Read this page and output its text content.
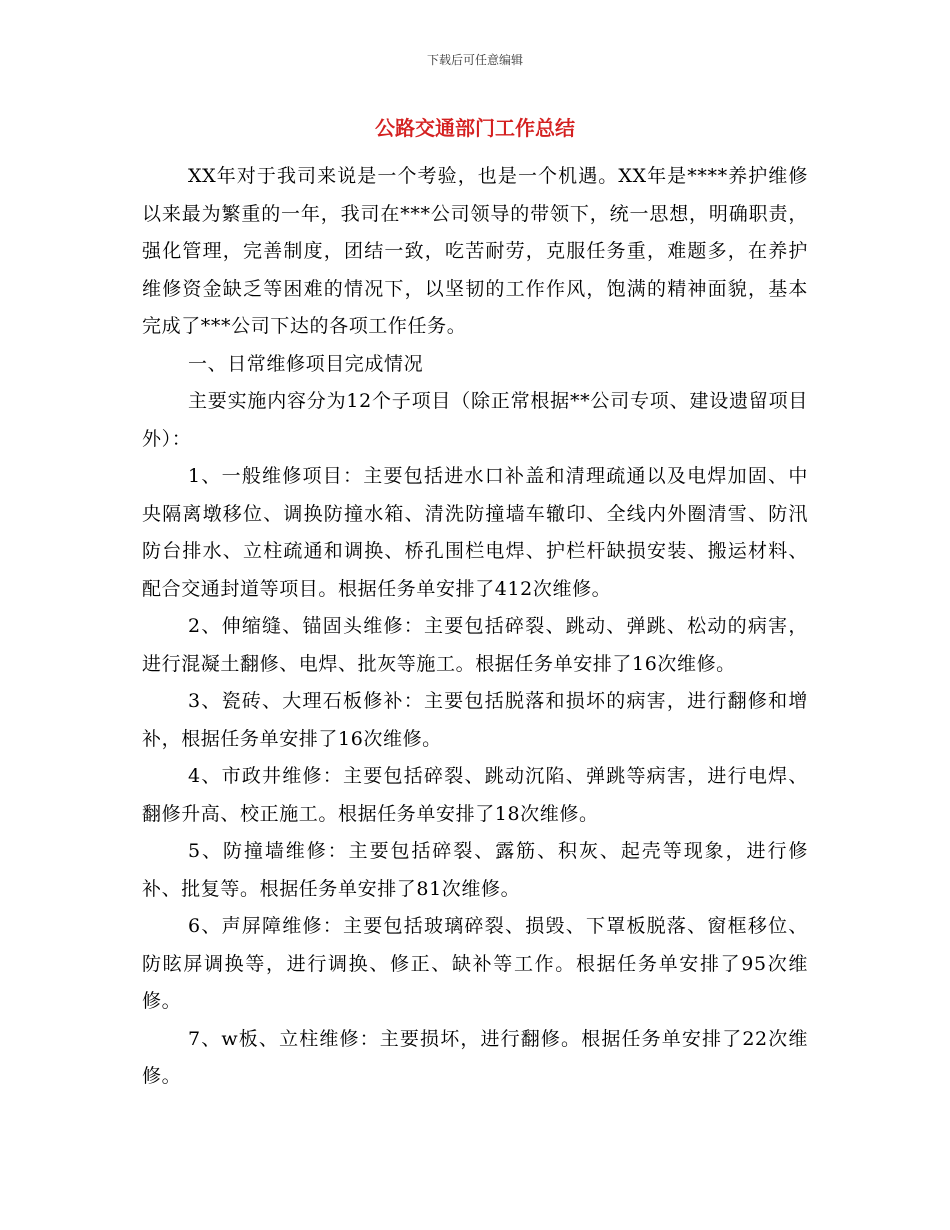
下载后可任意编辑
公路交通部门工作总结

XX年对于我司来说是一个考验，也是一个机遇。XX年是****养护维修以来最为繁重的一年，我司在***公司领导的带领下，统一思想，明确职责，强化管理，完善制度，团结一致，吃苦耐劳，克服任务重，难题多，在养护维修资金缺乏等困难的情况下，以坚韧的工作作风，饱满的精神面貌，基本完成了***公司下达的各项工作任务。

一、日常维修项目完成情况

主要实施内容分为12个子项目（除正常根据**公司专项、建设遗留项目外）：

1、一般维修项目：主要包括进水口补盖和清理疏通以及电焊加固、中央隔离墩移位、调换防撞水箱、清洗防撞墙车辙印、全线内外圈清雪、防汛防台排水、立柱疏通和调换、桥孔围栏电焊、护栏杆缺损安装、搬运材料、配合交通封道等项目。根据任务单安排了412次维修。

2、伸缩缝、锚固头维修：主要包括碎裂、跳动、弹跳、松动的病害，进行混凝土翻修、电焊、批灰等施工。根据任务单安排了16次维修。

3、瓷砖、大理石板修补：主要包括脱落和损坏的病害，进行翻修和增补，根据任务单安排了16次维修。

4、市政井维修：主要包括碎裂、跳动沉陷、弹跳等病害，进行电焊、翻修升高、校正施工。根据任务单安排了18次维修。

5、防撞墙维修：主要包括碎裂、露筋、积灰、起壳等现象，进行修补、批复等。根据任务单安排了81次维修。

6、声屏障维修：主要包括玻璃碎裂、损毁、下罩板脱落、窗框移位、防眩屏调换等，进行调换、修正、缺补等工作。根据任务单安排了95次维修。

7、w板、立柱维修：主要损坏，进行翻修。根据任务单安排了22次维修。
